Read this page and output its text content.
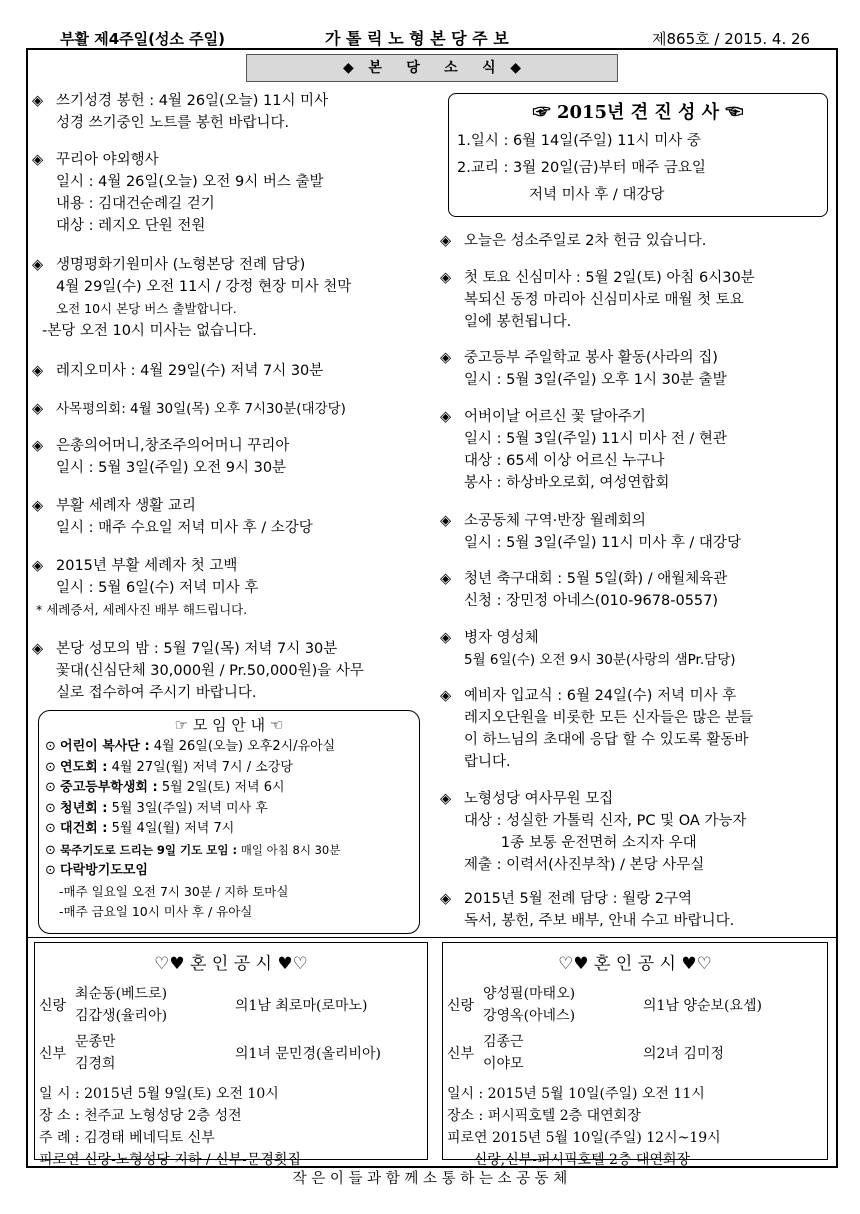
부활 제4주일(성소 주일)	가 톨 릭 노 형 본 당 주 보	제865호 / 2015. 4. 26
◆   본     당     소     식   ◆
◈ 쓰기성경 봉헌 : 4월 26일(오늘) 11시 미사
성경 쓰기중인 노트를 봉헌 바랍니다.
◈ 꾸리아 야외행사
일시 : 4월 26일(오늘) 오전 9시 버스 출발
내용 : 김대건순례길 걷기
대상 : 레지오 단원 전원
◈ 생명평화기원미사 (노형본당 전례 담당)
4월 29일(수) 오전 11시 / 강정 현장 미사 천막
오전 10시 본당 버스 출발합니다.
-본당 오전 10시 미사는 없습니다.
◈ 레지오미사 : 4월 29일(수) 저녁 7시 30분
◈ 사목평의회: 4월 30일(목) 오후 7시30분(대강당)
◈ 은총의어머니,창조주의어머니 꾸리아
일시 : 5월 3일(주일) 오전 9시 30분
◈ 부활 세례자 생활 교리
일시 : 매주 수요일 저녁 미사 후 / 소강당
◈ 2015년 부활 세례자 첫 고백
일시 : 5월 6일(수) 저녁 미사 후
* 세례증서, 세례사진 배부 해드립니다.
◈ 본당 성모의 밤 : 5월 7일(목) 저녁 7시 30분
꽃대(신심단체 30,000원 / Pr.50,000원)을 사무
실로 접수하여 주시기 바랍니다.
☞ 모 임 안 내 ☜
⊙ 어린이 복사단 : 4월 26일(오늘) 오후2시/유아실
⊙ 연도회 : 4월 27일(월) 저녁 7시 / 소강당
⊙ 중고등부학생회 : 5월 2일(토) 저녁 6시
⊙ 청년회 : 5월 3일(주일) 저녁 미사 후
⊙ 대건회 : 5월 4일(월) 저녁 7시
⊙ 묵주기도로 드리는 9일 기도 모임 : 매일 아침 8시 30분
⊙ 다락방기도모임
-매주 일요일 오전 7시 30분 / 지하 토마실
-매주 금요일 10시 미사 후 / 유아실
☞ 2015년 견 진 성 사 ☜
1.일시 : 6월 14일(주일) 11시 미사 중
2.교리 : 3월 20일(금)부터 매주 금요일
저녁 미사 후 / 대강당
◈ 오늘은 성소주일로 2차 헌금 있습니다.
◈ 첫 토요 신심미사 : 5월 2일(토) 아침 6시30분
복되신 동정 마리아 신심미사로 매월 첫 토요
일에 봉헌됩니다.
◈ 중고등부 주일학교 봉사 활동(사라의 집)
일시 : 5월 3일(주일) 오후 1시 30분 출발
◈ 어버이날 어르신 꽃 달아주기
일시 : 5월 3일(주일) 11시 미사 전 / 현관
대상 : 65세 이상 어르신 누구나
봉사 : 하상바오로회, 여성연합회
◈ 소공동체 구역·반장 월례회의
일시 : 5월 3일(주일) 11시 미사 후 / 대강당
◈ 청년 축구대회 : 5월 5일(화) / 애월체육관
신청 : 장민정 아네스(010-9678-0557)
◈ 병자 영성체
5월 6일(수) 오전 9시 30분(사랑의 샘Pr.담당)
◈ 예비자 입교식 : 6월 24일(수) 저녁 미사 후
레지오단원을 비롯한 모든 신자들은 많은 분들
이 하느님의 초대에 응답 할 수 있도록 활동바
랍니다.
◈ 노형성당 여사무원 모집
대상 : 성실한 가톨릭 신자, PC 및 OA 가능자
1종 보통 운전면허 소지자 우대
제출 : 이력서(사진부착) / 본당 사무실
◈ 2015년 5월 전례 담당 : 월랑 2구역
독서, 봉헌, 주보 배부, 안내 수고 바랍니다.
♡♥ 혼 인 공 시 ♥♡
신랑
최순동(베드로)
김갑생(율리아)
의1남 최로마(로마노)
신부
문종만
김경희
의1녀 문민경(올리비아)
일 시 : 2015년 5월 9일(토) 오전 10시
장 소 : 천주교 노형성당 2층 성전
주 례 : 김경태 베네딕토 신부
피로연 신랑-노형성당 지하 / 신부-문경횟집
♡♥ 혼 인 공 시 ♥♡
신랑
양성필(마태오)
강영옥(아네스)
의1남 양순보(요셉)
신부
김종근
이야모
의2녀 김미정
일시 : 2015년 5월 10일(주일) 오전 11시
장소 : 퍼시픽호텔 2층 대연회장
피로연 2015년 5월 10일(주일) 12시~19시
신랑,신부-퍼시픽호텔 2층 대연회장
작 은 이 들 과 함 께 소 통 하 는 소 공 동 체
